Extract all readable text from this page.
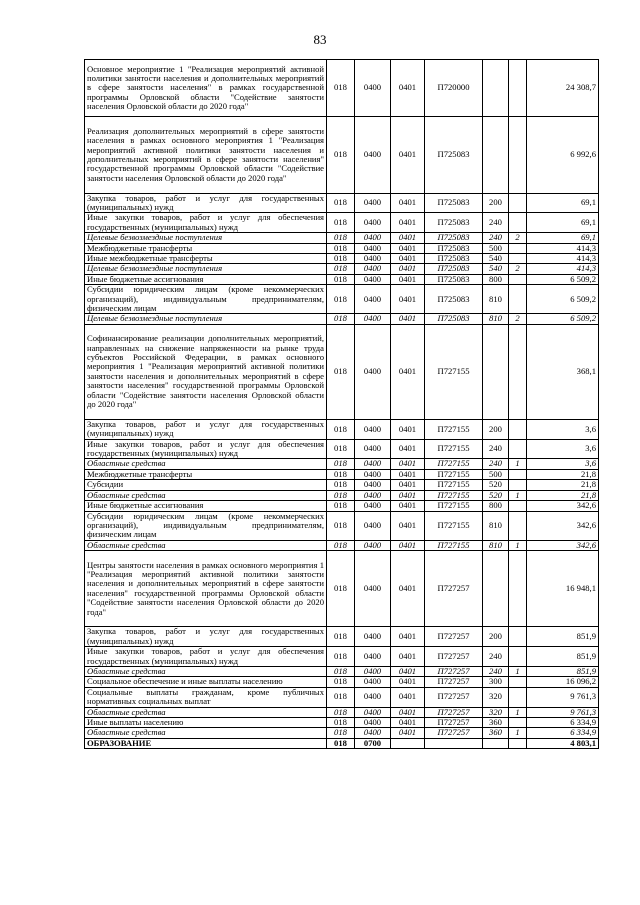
83
Основное мероприятие 1 "Реализация мероприятий активной политики занятости населения и дополнительных мероприятий в сфере занятости населения" в рамках государственной программы Орловской области "Содействие занятости населения Орловской области до 2020 года"	018	0400	0401	П720000			24 308,7
Реализация дополнительных мероприятий в сфере занятости населения в рамках основного мероприятия 1 "Реализация мероприятий активной политики занятости населения и дополнительных мероприятий в сфере занятости населения" государственной программы Орловской области "Содействие занятости населения Орловской области до 2020 года"	018	0400	0401	П725083			6 992,6
Закупка товаров, работ и услуг для государственных (муниципальных) нужд	018	0400	0401	П725083	200		69,1
Иные закупки товаров, работ и услуг для обеспечения государственных (муниципальных) нужд	018	0400	0401	П725083	240		69,1
Целевые безвозмездные поступления	018	0400	0401	П725083	240	2	69,1
Межбюджетные трансферты	018	0400	0401	П725083	500		414,3
Иные межбюджетные трансферты	018	0400	0401	П725083	540		414,3
Целевые безвозмездные поступления	018	0400	0401	П725083	540	2	414,3
Иные бюджетные ассигнования	018	0400	0401	П725083	800		6 509,2
Субсидии юридическим лицам (кроме некоммерческих организаций), индивидуальным предпринимателям, физическим лицам	018	0400	0401	П725083	810		6 509,2
Целевые безвозмездные поступления	018	0400	0401	П725083	810	2	6 509,2
Софинансирование реализации дополнительных мероприятий, направленных на снижение напряженности на рынке труда субъектов Российской Федерации, в рамках основного мероприятия 1 "Реализация мероприятий активной политики занятости населения и дополнительных мероприятий в сфере занятости населения" государственной программы Орловской области "Содействие занятости населения Орловской области до 2020 года"	018	0400	0401	П727155			368,1
Закупка товаров, работ и услуг для государственных (муниципальных) нужд	018	0400	0401	П727155	200		3,6
Иные закупки товаров, работ и услуг для обеспечения государственных (муниципальных) нужд	018	0400	0401	П727155	240		3,6
Областные средства	018	0400	0401	П727155	240	1	3,6
Межбюджетные трансферты	018	0400	0401	П727155	500		21,8
Субсидии	018	0400	0401	П727155	520		21,8
Областные средства	018	0400	0401	П727155	520	1	21,8
Иные бюджетные ассигнования	018	0400	0401	П727155	800		342,6
Субсидии юридическим лицам (кроме некоммерческих организаций), индивидуальным предпринимателям, физическим лицам	018	0400	0401	П727155	810		342,6
Областные средства	018	0400	0401	П727155	810	1	342,6
Центры занятости населения в рамках основного мероприятия 1 "Реализация мероприятий активной политики занятости населения и дополнительных мероприятий в сфере занятости населения" государственной программы Орловской области "Содействие занятости населения Орловской области до 2020 года"	018	0400	0401	П727257			16 948,1
Закупка товаров, работ и услуг для государственных (муниципальных) нужд	018	0400	0401	П727257	200		851,9
Иные закупки товаров, работ и услуг для обеспечения государственных (муниципальных) нужд	018	0400	0401	П727257	240		851,9
Областные средства	018	0400	0401	П727257	240	1	851,9
Социальное обеспечение и иные выплаты населению	018	0400	0401	П727257	300		16 096,2
Социальные выплаты гражданам, кроме публичных нормативных социальных выплат	018	0400	0401	П727257	320		9 761,3
Областные средства	018	0400	0401	П727257	320	1	9 761,3
Иные выплаты населению	018	0400	0401	П727257	360		6 334,9
Областные средства	018	0400	0401	П727257	360	1	6 334,9
ОБРАЗОВАНИЕ	018	0700					4 803,1
